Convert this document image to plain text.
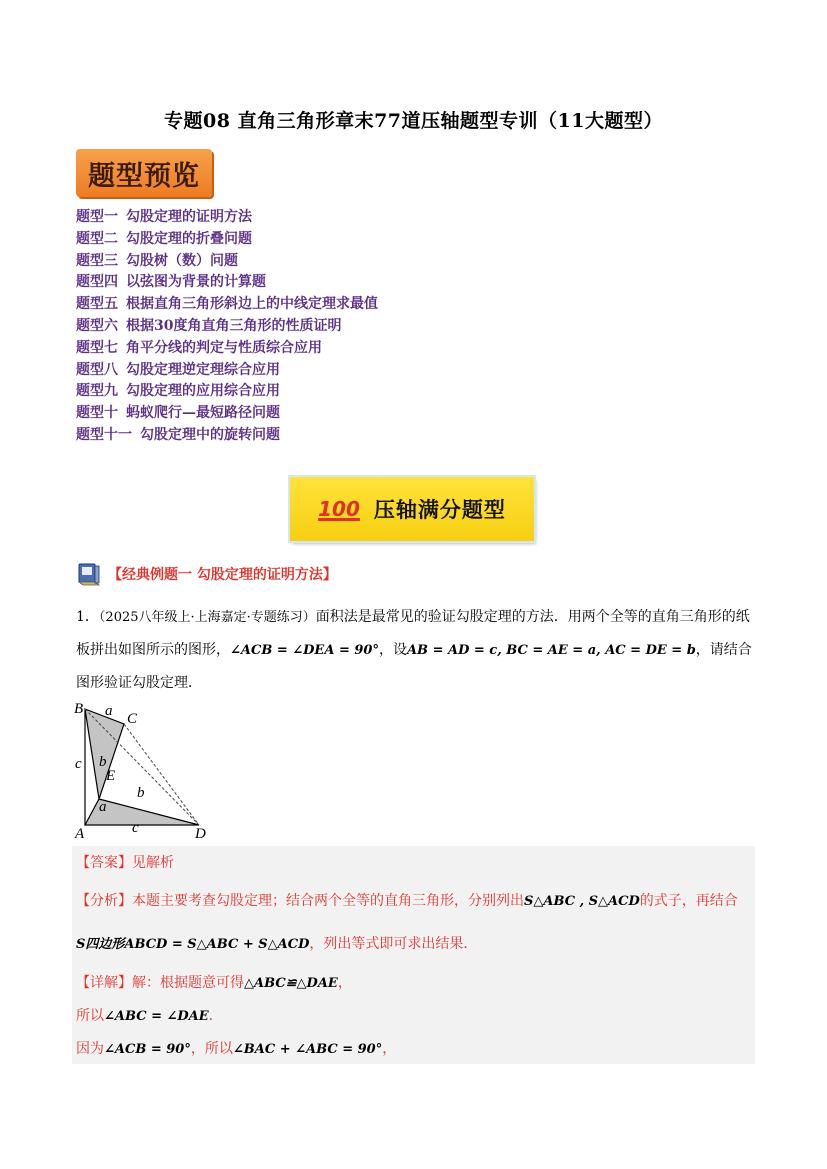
专题08 直角三角形章末77道压轴题型专训（11大题型）
题型预览
题型一 勾股定理的证明方法
题型二 勾股定理的折叠问题
题型三 勾股树（数）问题
题型四 以弦图为背景的计算题
题型五 根据直角三角形斜边上的中线定理求最值
题型六 根据30度角直角三角形的性质证明
题型七 角平分线的判定与性质综合应用
题型八 勾股定理逆定理综合应用
题型九 勾股定理的应用综合应用
题型十 蚂蚁爬行—最短路径问题
题型十一 勾股定理中的旋转问题
100 压轴满分题型
【经典例题一 勾股定理的证明方法】
1．（2025八年级上·上海嘉定·专题练习）面积法是最常见的验证勾股定理的方法．用两个全等的直角三角形的纸板拼出如图所示的图形，∠ACB = ∠DEA = 90°，设AB = AD = c, BC = AE = a, AC = DE = b，请结合图形验证勾股定理．
B
C
E
A	D
a
b
c
b
a
c
【答案】见解析
【分析】本题主要考查勾股定理；结合两个全等的直角三角形，分别列出S△ABC , S△ACD的式子，再结合
S四边形ABCD = S△ABC + S△ACD，列出等式即可求出结果．
【详解】解：根据题意可得△ABC≌△DAE，
所以∠ABC = ∠DAE．
因为∠ACB = 90°，所以∠BAC + ∠ABC = 90°，
